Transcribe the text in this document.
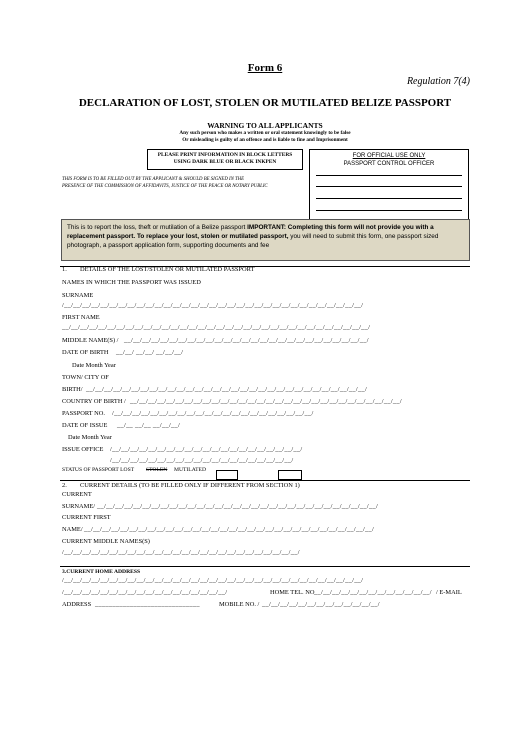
Form 6
Regulation 7(4)
DECLARATION OF LOST, STOLEN OR MUTILATED BELIZE PASSPORT
WARNING TO ALL APPLICANTS
Any such person who makes a written or oral statement knowingly to be false
Or misleading is guilty of an offence and is liable to fine and Imprisonment
PLEASE PRINT INFORMATION IN BLOCK LETTERS
USING DARK BLUE OR BLACK INKPEN
FOR OFFICIAL USE ONLY
PASSPORT CONTROL OFFICER
THIS FORM IS TO BE FILLED OUT BY THE APPLICANT & SHOULD BE SIGNED IN THE
PRESENCE OF THE COMMISSION OF AFFIDAVITS, JUSTICE OF THE PEACE OR NOTARY PUBLIC
This is to report the loss, theft or mutilation of a Belize passport IMPORTANT: Completing this form will not provide you with a replacement passport. To replace your lost, stolen or mutilated passport, you will need to submit this form, one passport sized photograph, a passport application form, supporting documents and fee
1. DETAILS OF THE LOST/STOLEN OR MUTILATED PASSPORT
NAMES IN WHICH THE PASSPORT WAS ISSUED
SURNAME
/__/__/__/__/__/__/__/__/__/__/__/__/__/__/__/__/__/__/__/__/__/__/__/__/__/__/__/__/__/__/__/__/__/
FIRST NAME
__/__/__/__/__/__/__/__/__/__/__/__/__/__/__/__/__/__/__/__/__/__/__/__/__/__/__/__/__/__/__/__/__/__/
MIDDLE NAME(S) / __/__/__/__/__/__/__/__/__/__/__/__/__/__/__/__/__/__/__/__/__/__/__/__/__/__/__/
DATE OF BIRTH __/__/ __/__/ __/__/__/
Date Month Year
TOWN/ CITY OF
BIRTH/ __/__/__/__/__/__/__/__/__/__/__/__/__/__/__/__/__/__/__/__/__/__/__/__/__/__/__/__/__/__/__/
COUNTRY OF BIRTH / __/__/__/__/__/__/__/__/__/__/__/__/__/__/__/__/__/__/__/__/__/__/__/__/__/__/__/__/__/__/
PASSPORT NO. /__/__/__/__/__/__/__/__/__/__/__/__/__/__/__/__/__/__/__/__/__/__/
DATE OF ISSUE __/__ __/__ __/__/__/
Date Month Year
ISSUE OFFICE /__/__/__/__/__/__/__/__/__/__/__/__/__/__/__/__/__/__/__/__/__/
/__/__/__/__/__/__/__/__/__/__/__/__/__/__/__/__/__/__/__/__/
STATUS OF PASSPORT LOST STOLEN MUTILATED
2. CURRENT DETAILS (TO BE FILLED ONLY IF DIFFERENT FROM SECTION 1)
CURRENT
SURNAME/ __/__/__/__/__/__/__/__/__/__/__/__/__/__/__/__/__/__/__/__/__/__/__/__/__/__/__/__/__/__/__/
CURRENT FIRST
NAME/ __/__/__/__/__/__/__/__/__/__/__/__/__/__/__/__/__/__/__/__/__/__/__/__/__/__/__/__/__/__/__/__/
CURRENT MIDDLE NAMES(S)
/__/__/__/__/__/__/__/__/__/__/__/__/__/__/__/__/__/__/__/__/__/__/__/__/__/__/
3.CURRENT HOME ADDRESS
/__/__/__/__/__/__/__/__/__/__/__/__/__/__/__/__/__/__/__/__/__/__/__/__/__/__/__/__/__/__/__/__/__/
/__/__/__/__/__/__/__/__/__/__/__/__/__/__/__/__/__/__/	HOME TEL. NO __/__/__/__/__/__/__/__/__/__/__/__/__/ / E-MAIL
ADDRESS ______________________________	MOBILE NO. / __/__/__/__/__/__/__/__/__/__/__/__/__/
